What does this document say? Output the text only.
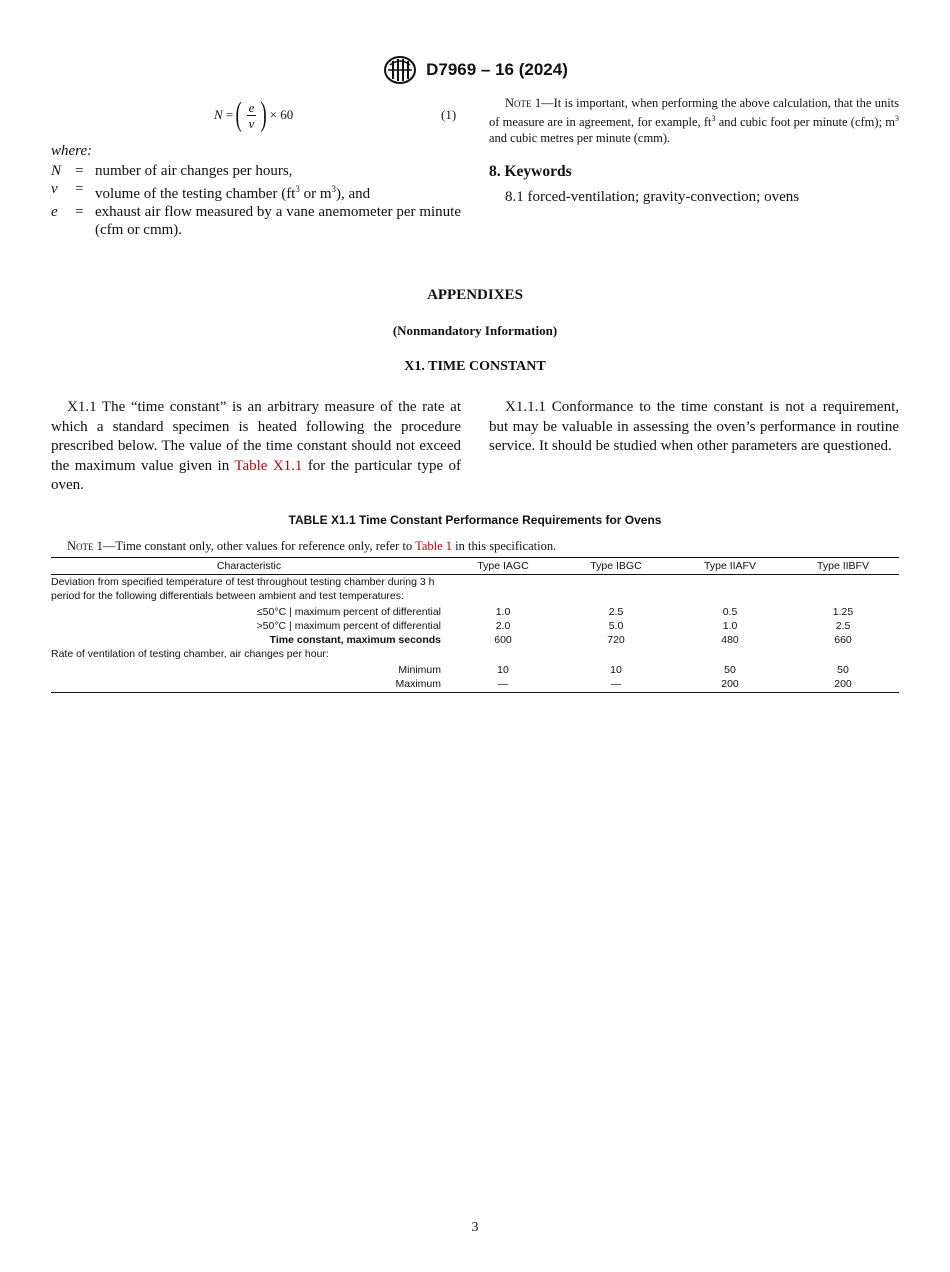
D7969 – 16 (2024)
N = ( $\frac{e}{v}$ ) × 60	(1)
where:
N = number of air changes per hours,
v	= volume of the testing chamber ($ft^3$ or $m^3$), and
e	= exhaust air flow measured by a vane anemometer per minute (cfm or cmm).
Note 1—It is important, when performing the above calculation, that the units of measure are in agreement, for example, $ft^3$ and cubic foot per minute (cfm); $m^3$ and cubic metres per minute (cmm).
8. Keywords
8.1 forced-ventilation; gravity-convection; ovens
APPENDIXES
(Nonmandatory Information)
X1. TIME CONSTANT
X1.1 The “time constant” is an arbitrary measure of the rate at which a standard specimen is heated following the procedure prescribed below. The value of the time constant should not exceed the maximum value given in Table X1.1 for the particular type of oven.
X1.1.1 Conformance to the time constant is not a requirement, but may be valuable in assessing the oven’s performance in routine service. It should be studied when other parameters are questioned.
TABLE X1.1 Time Constant Performance Requirements for Ovens
Note 1—Time constant only, other values for reference only, refer to Table 1 in this specification.
Characteristic	Type IAGC	Type IBGC	Type IIAFV	Type IIBFV
Deviation from specified temperature of test throughout testing chamber during 3 h period for the following differentials between ambient and test temperatures:				
≤50°C | maximum percent of differential	1.0	2.5	0.5	1.25
>50°C | maximum percent of differential	2.0	5.0	1.0	2.5
Time constant, maximum seconds	600	720	480	660
Rate of ventilation of testing chamber, air changes per hour:				
Minimum	10	10	50	50
Maximum	—	—	200	200
3
